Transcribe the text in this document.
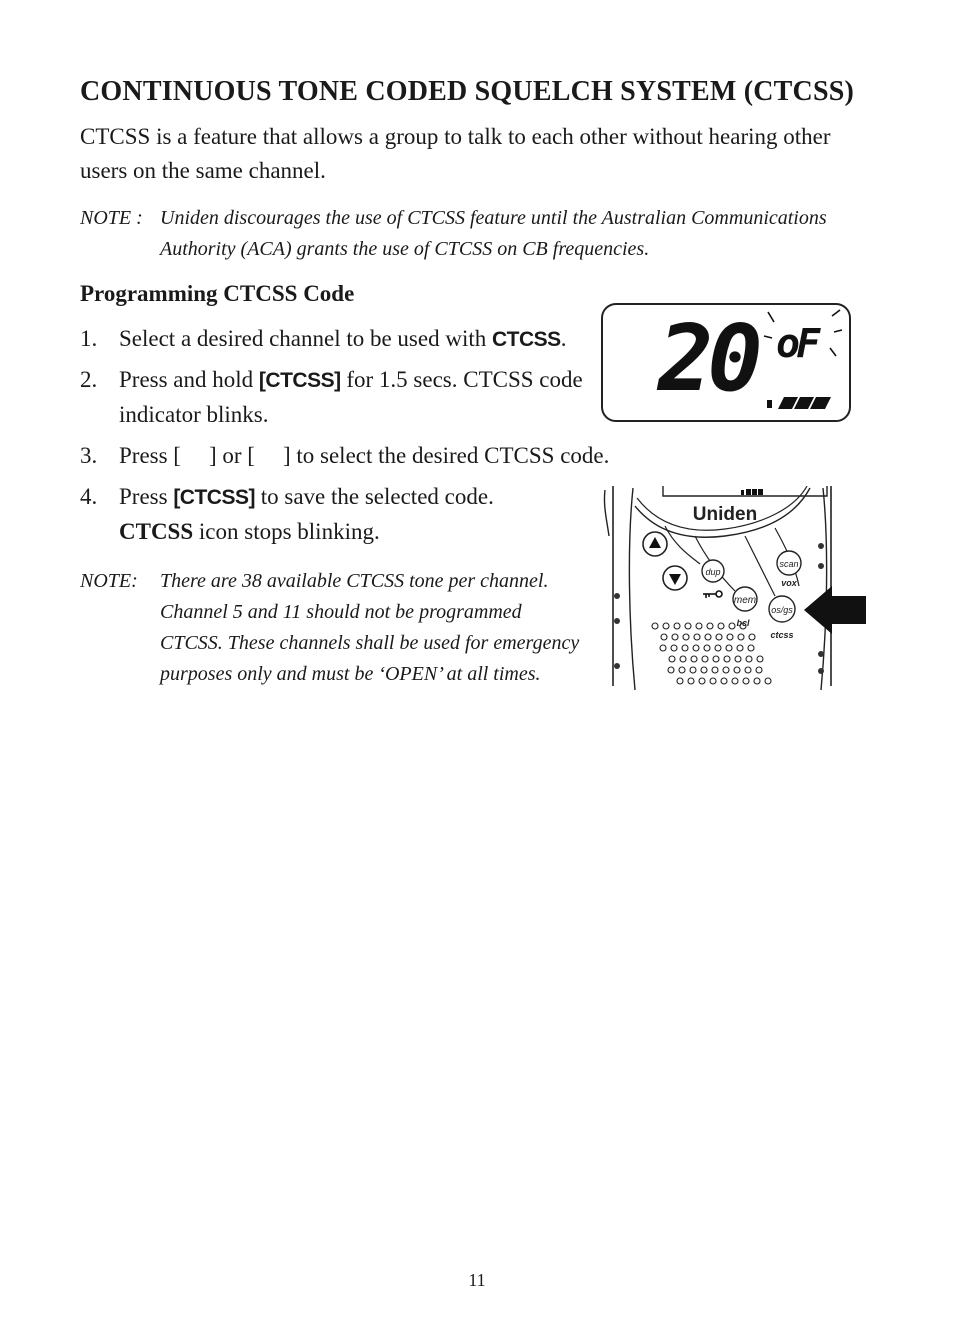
CONTINUOUS TONE CODED SQUELCH SYSTEM (CTCSS)

CTCSS is a feature that allows a group to talk to each other without hearing other users on the same channel.

NOTE : Uniden discourages the use of CTCSS feature until the Australian Communications Authority (ACA) grants the use of CTCSS on CB frequencies.
Programming CTCSS Code
1. Select a desired channel to be used with CTCSS.
2. Press and hold [CTCSS] for 1.5 secs. CTCSS code indicator blinks.
3. Press [ ] or [ ] to select the desired CTCSS code.
4. Press [CTCSS] to save the selected code.
CTCSS icon stops blinking.
NOTE: There are 38 available CTCSS tone per channel. Channel 5 and 11 should not be programmed CTCSS. These channels shall be used for emergency purposes only and must be ‘OPEN’ at all times.
20 oF
Uniden
dup
mem
scan
os/gs
vox
bcl
ctcss
11
